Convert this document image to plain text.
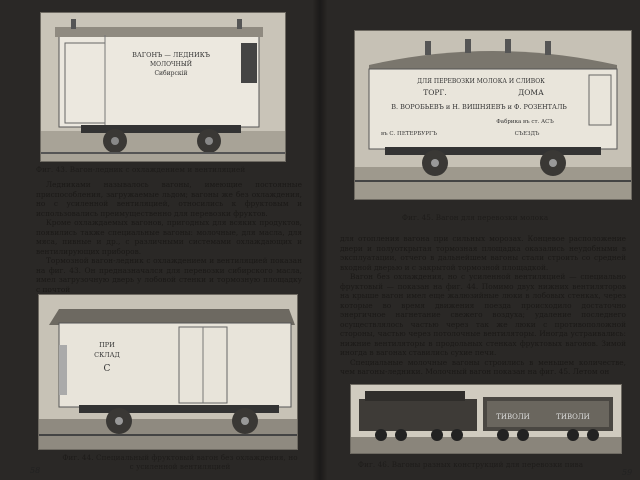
ВАГОНЪ — ЛЕДНИКЪ
МОЛОЧНЫЙ
Сибирскій
Фиг. 43. Вагон-ледник с охлаждением и вентиляцией

Ледниками называлось вагоны, имеющие постоянные приспособления, загружаемые льдом; вагоны же без охлаждения, но с усиленной вентиляцией, относились к фруктовым и использовались преимущественно для перевозки фруктов.

Кроме охлаждаемых вагонов, пригодных для всяких продуктов, появились также специальные вагоны: молочные, для масла, для мяса, пивные и др., с различными системами охлаждающих и вентилирующих приборов.

Тормозной вагон-ледник с охлаждением и вентиляцией показан на фиг. 43. Он предназначался для перевозки сибирского масла, имел загрузочную дверь у лобовой стенки и тормозную площадку с почтой

ПРИ
СКЛАД
С
Фиг. 44. Специальный фруктовый вагон без охлаждения, но с усиленной вентиляцией
58
ДЛЯ ПЕРЕВОЗКИ МОЛОКА И СЛИВОК
ТОРГ.	ДОМА
В. ВОРОБЬЕВЪ и Н. ВИШНЯЕВЪ и Ф. РОЗЕНТАЛЬ
Фабрика въ ст. АСЪ
въ С. ПЕТЕРБУРГЪ	СЪЕЗДЪ
Фиг. 45. Вагон для перевозки молока

для отопления вагона при сильных морозах. Концевое расположение двери и полуоткрытая тормозная площадка оказались неудобными в эксплуатации, отчего в дальнейшем вагоны стали строить со средней входной дверью и с закрытой тормозной площадкой.

Вагон без охлаждения, но с усиленной вентиляцией — специально фруктовый — показан на фиг. 44. Помимо двух нижних вентиляторов на крыше вагон имел еще жалюзийные люки в лобовых стенках, через которые во время движения поезда происходило достаточно энергичное нагнетание свежего воздуха; удаление последнего осуществлялось частью через так же люки с противоположной стороны, частью через потолочные вентиляторы. Иногда устраивались: нижние вентиляторы в продольных стенках фруктовых вагонов. Зимой иногда в вагонах ставились сухие печи.

Специальные молочные вагоны строились в меньшем количестве, чем вагоны-ледники. Молочный вагон показан на фиг. 45. Летом он

ТИВОЛИ	ТИВОЛИ
Фиг. 46. Вагоны разных конструкций для перевозки пива
59
